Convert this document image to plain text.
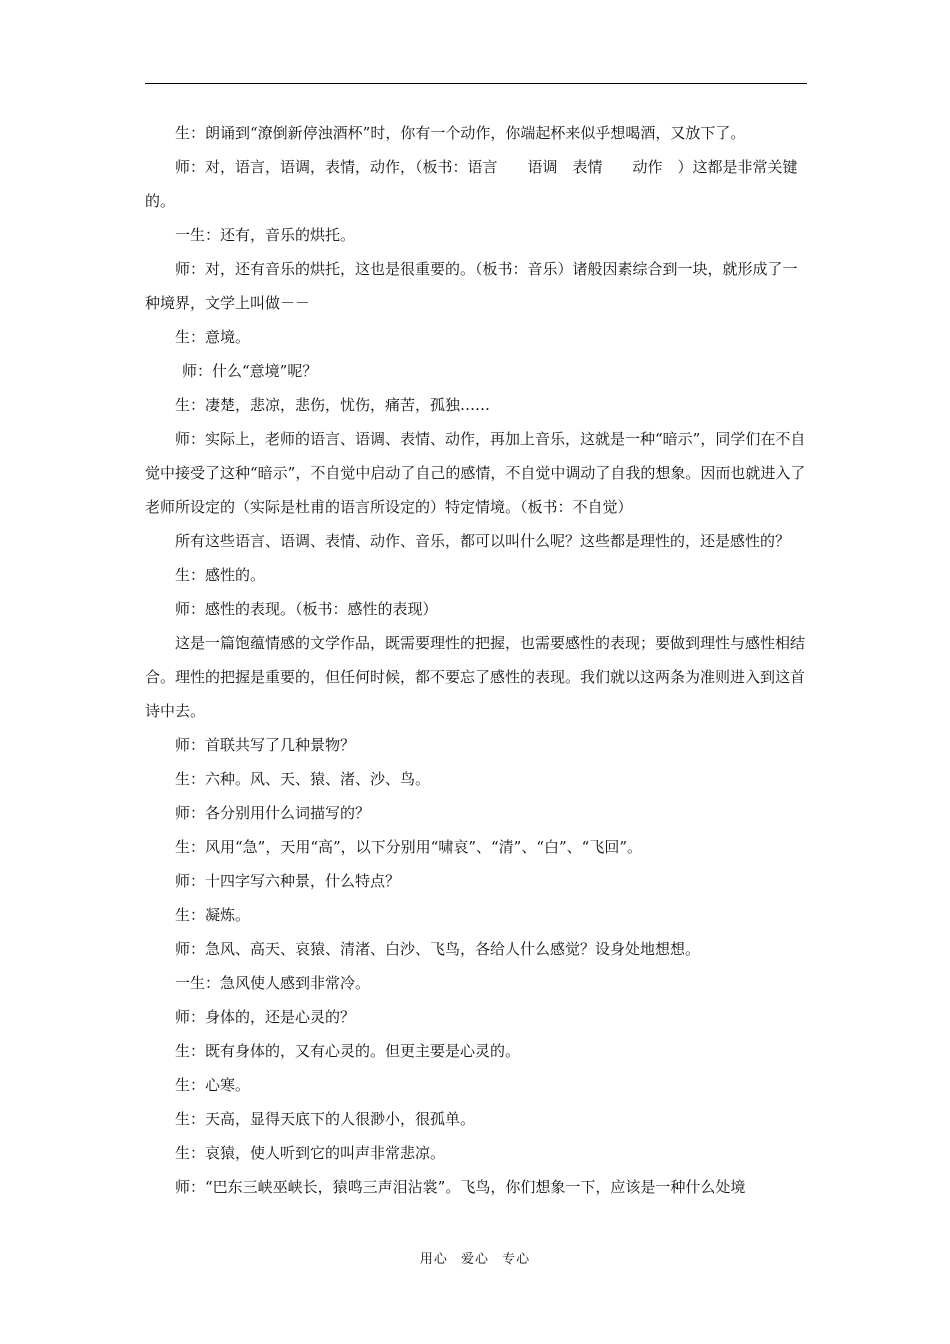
生：朗诵到“潦倒新停浊酒杯”时，你有一个动作，你端起杯来似乎想喝酒，又放下了。

师：对，语言，语调，表情，动作，（板书：语言　　语调　表情　　动作　）这都是非常关键的。

一生：还有，音乐的烘托。

师：对，还有音乐的烘托，这也是很重要的。（板书：音乐）诸般因素综合到一块，就形成了一种境界，文学上叫做－－

生：意境。

师：什么“意境”呢？

生：凄楚，悲凉，悲伤，忧伤，痛苦，孤独……

师：实际上，老师的语言、语调、表情、动作，再加上音乐，这就是一种“暗示”，同学们在不自觉中接受了这种“暗示”，不自觉中启动了自己的感情，不自觉中调动了自我的想象。因而也就进入了老师所设定的（实际是杜甫的语言所设定的）特定情境。（板书：不自觉）

所有这些语言、语调、表情、动作、音乐，都可以叫什么呢？这些都是理性的，还是感性的？

生：感性的。

师：感性的表现。（板书：感性的表现）

这是一篇饱蕴情感的文学作品，既需要理性的把握，也需要感性的表现；要做到理性与感性相结合。理性的把握是重要的，但任何时候，都不要忘了感性的表现。我们就以这两条为准则进入到这首诗中去。

师：首联共写了几种景物？

生：六种。风、天、猿、渚、沙、鸟。

师：各分别用什么词描写的？

生：风用“急”，天用“高”，以下分别用“啸哀”、“清”、“白”、“飞回”。

师：十四字写六种景，什么特点？

生：凝炼。

师：急风、高天、哀猿、清渚、白沙、飞鸟，各给人什么感觉？设身处地想想。

一生：急风使人感到非常冷。

师：身体的，还是心灵的？

生：既有身体的，又有心灵的。但更主要是心灵的。

生：心寒。

生：天高，显得天底下的人很渺小，很孤单。

生：哀猿，使人听到它的叫声非常悲凉。

师：“巴东三峡巫峡长，猿鸣三声泪沾裳”。飞鸟，你们想象一下，应该是一种什么处境

用心 爱心 专心
